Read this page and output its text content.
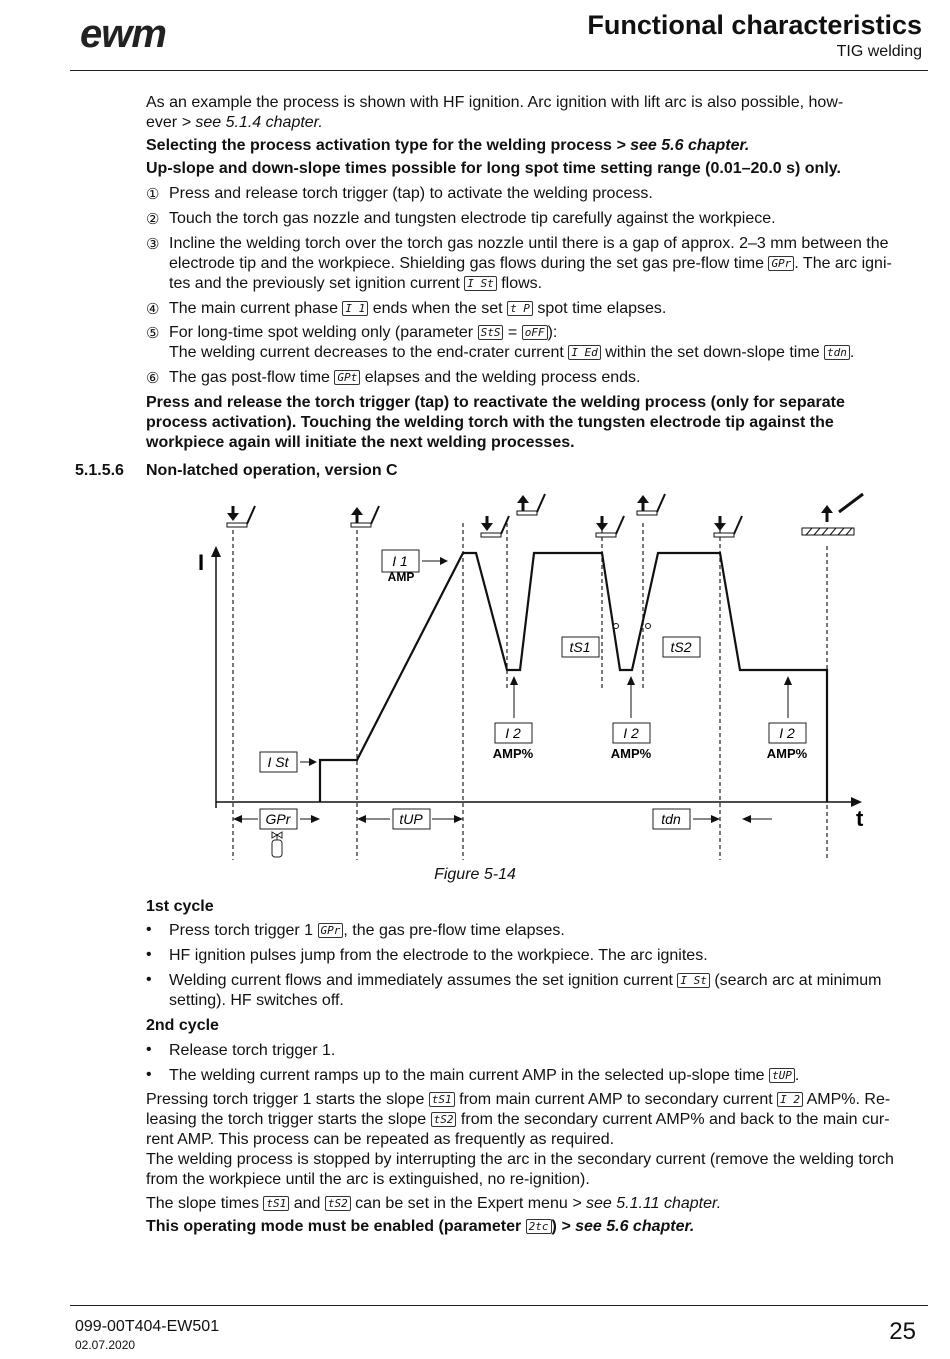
ewm	Functional characteristics
TIG welding
As an example the process is shown with HF ignition. Arc ignition with lift arc is also possible, how-
ever > see 5.1.4 chapter.
Selecting the process activation type for the welding process > see 5.6 chapter.
Up-slope and down-slope times possible for long spot time setting range (0.01–20.0 s) only.
① Press and release torch trigger (tap) to activate the welding process.
② Touch the torch gas nozzle and tungsten electrode tip carefully against the workpiece.
③ Incline the welding torch over the torch gas nozzle until there is a gap of approx. 2–3 mm between the
electrode tip and the workpiece. Shielding gas flows during the set gas pre-flow time GPr . The arc igni-
tes and the previously set ignition current I St flows.
④ The main current phase I 1 ends when the set t P spot time elapses.
⑤ For long-time spot welding only (parameter StS = oFF ):
The welding current decreases to the end-crater current I Ed within the set down-slope time tdn .
⑥ The gas post-flow time GPt elapses and the welding process ends.
Press and release the torch trigger (tap) to reactivate the welding process (only for separate
process activation). Touching the welding torch with the tungsten electrode tip against the
workpiece again will initiate the next welding processes.
5.1.5.6 Non-latched operation, version C
I
t
I 1
AMP
I St
tS1	tS2
I 2
AMP%
I 2
AMP%
I 2
AMP%
GPr	tUP	tdn
Figure 5-14
1st cycle
• Press torch trigger 1 GPr , the gas pre-flow time elapses.
• HF ignition pulses jump from the electrode to the workpiece. The arc ignites.
• Welding current flows and immediately assumes the set ignition current I St (search arc at minimum
setting). HF switches off.
2nd cycle
• Release torch trigger 1.
• The welding current ramps up to the main current AMP in the selected up-slope time tUP .
Pressing torch trigger 1 starts the slope tS1 from main current AMP to secondary current I 2 AMP%. Re-
leasing the torch trigger starts the slope tS2 from the secondary current AMP% and back to the main cur-
rent AMP. This process can be repeated as frequently as required.
The welding process is stopped by interrupting the arc in the secondary current (remove the welding torch
from the workpiece until the arc is extinguished, no re-ignition).
The slope times tS1 and tS2 can be set in the Expert menu > see 5.1.11 chapter.
This operating mode must be enabled (parameter 2tc ) > see 5.6 chapter.
099-00T404-EW501
02.07.2020	25
